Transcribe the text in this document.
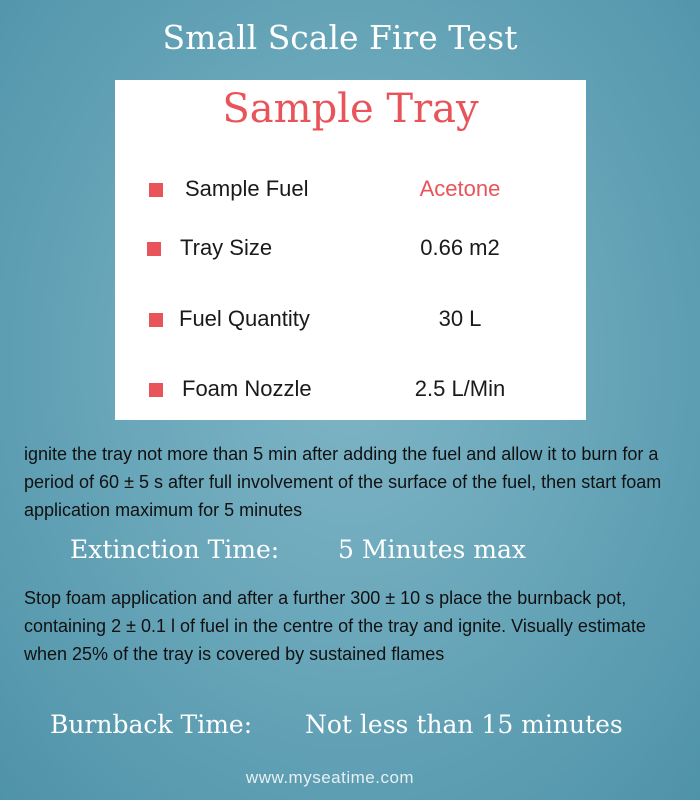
Small Scale Fire Test
Sample Tray
Sample Fuel	Acetone
Tray Size	0.66 m2
Fuel Quantity	30 L
Foam Nozzle	2.5 L/Min
ignite the tray not more than 5 min after adding the fuel and allow it to burn for a period of 60 ± 5 s after full involvement of the surface of the fuel, then start foam application maximum for 5 minutes
Extinction Time: 5 Minutes max
Stop foam application and after a further 300 ± 10 s place the burnback pot, containing 2 ± 0.1 l of fuel in the centre of the tray and ignite. Visually estimate when 25% of the tray is covered by sustained flames
Burnback Time: Not less than 15 minutes
www.myseatime.com
